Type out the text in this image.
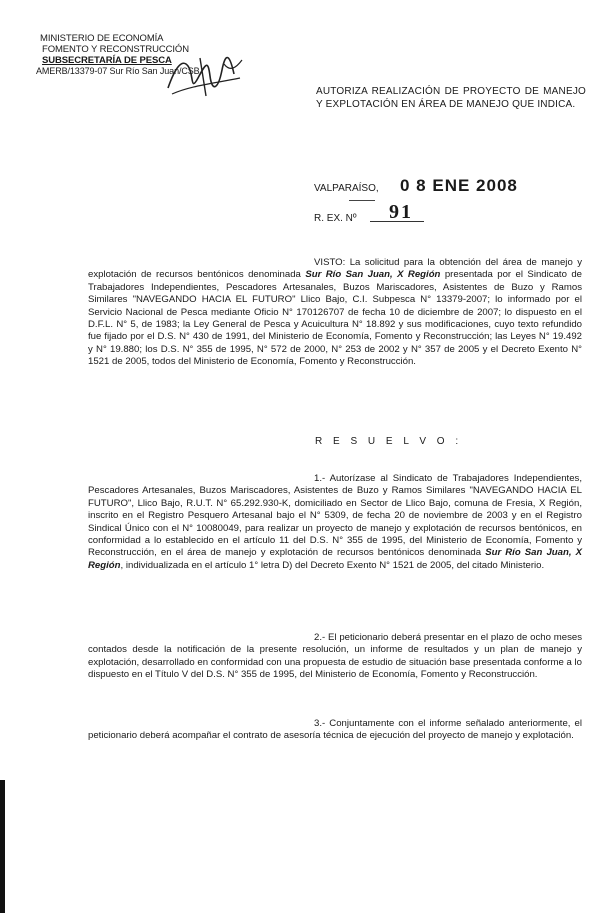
MINISTERIO DE ECONOMÍA
FOMENTO Y RECONSTRUCCIÓN
SUBSECRETARÍA DE PESCA
AMERB/13379-07 Sur Río San Juan/CSB
AUTORIZA REALIZACIÓN DE PROYECTO DE MANEJO Y EXPLOTACIÓN EN ÁREA DE MANEJO QUE INDICA.
VALPARAÍSO, 0 8 ENE 2008
R. EX. Nº 91

VISTO: La solicitud para la obtención del área de manejo y explotación de recursos bentónicos denominada Sur Río San Juan, X Región presentada por el Sindicato de Trabajadores Independientes, Pescadores Artesanales, Buzos Mariscadores, Asistentes de Buzo y Ramos Similares "NAVEGANDO HACIA EL FUTURO" Llico Bajo, C.I. Subpesca N° 13379-2007; lo informado por el Servicio Nacional de Pesca mediante Oficio N° 170126707 de fecha 10 de diciembre de 2007; lo dispuesto en el D.F.L. N° 5, de 1983; la Ley General de Pesca y Acuicultura N° 18.892 y sus modificaciones, cuyo texto refundido fue fijado por el D.S. N° 430 de 1991, del Ministerio de Economía, Fomento y Reconstrucción; las Leyes N° 19.492 y N° 19.880; los D.S. N° 355 de 1995, N° 572 de 2000, N° 253 de 2002 y N° 357 de 2005 y el Decreto Exento N° 1521 de 2005, todos del Ministerio de Economía, Fomento y Reconstrucción.

R E S U E L V O :

1.- Autorízase al Sindicato de Trabajadores Independientes, Pescadores Artesanales, Buzos Mariscadores, Asistentes de Buzo y Ramos Similares "NAVEGANDO HACIA EL FUTURO", Llico Bajo, R.U.T. N° 65.292.930-K, domiciliado en Sector de Llico Bajo, comuna de Fresia, X Región, inscrito en el Registro Pesquero Artesanal bajo el N° 5309, de fecha 20 de noviembre de 2003 y en el Registro Sindical Único con el N° 10080049, para realizar un proyecto de manejo y explotación de recursos bentónicos, en conformidad a lo establecido en el artículo 11 del D.S. N° 355 de 1995, del Ministerio de Economía, Fomento y Reconstrucción, en el área de manejo y explotación de recursos bentónicos denominada Sur Río San Juan, X Región, individualizada en el artículo 1° letra D) del Decreto Exento N° 1521 de 2005, del citado Ministerio.

2.- El peticionario deberá presentar en el plazo de ocho meses contados desde la notificación de la presente resolución, un informe de resultados y un plan de manejo y explotación, desarrollado en conformidad con una propuesta de estudio de situación base presentada conforme a lo dispuesto en el Título V del D.S. N° 355 de 1995, del Ministerio de Economía, Fomento y Reconstrucción.

3.- Conjuntamente con el informe señalado anteriormente, el peticionario deberá acompañar el contrato de asesoría técnica de ejecución del proyecto de manejo y explotación.
